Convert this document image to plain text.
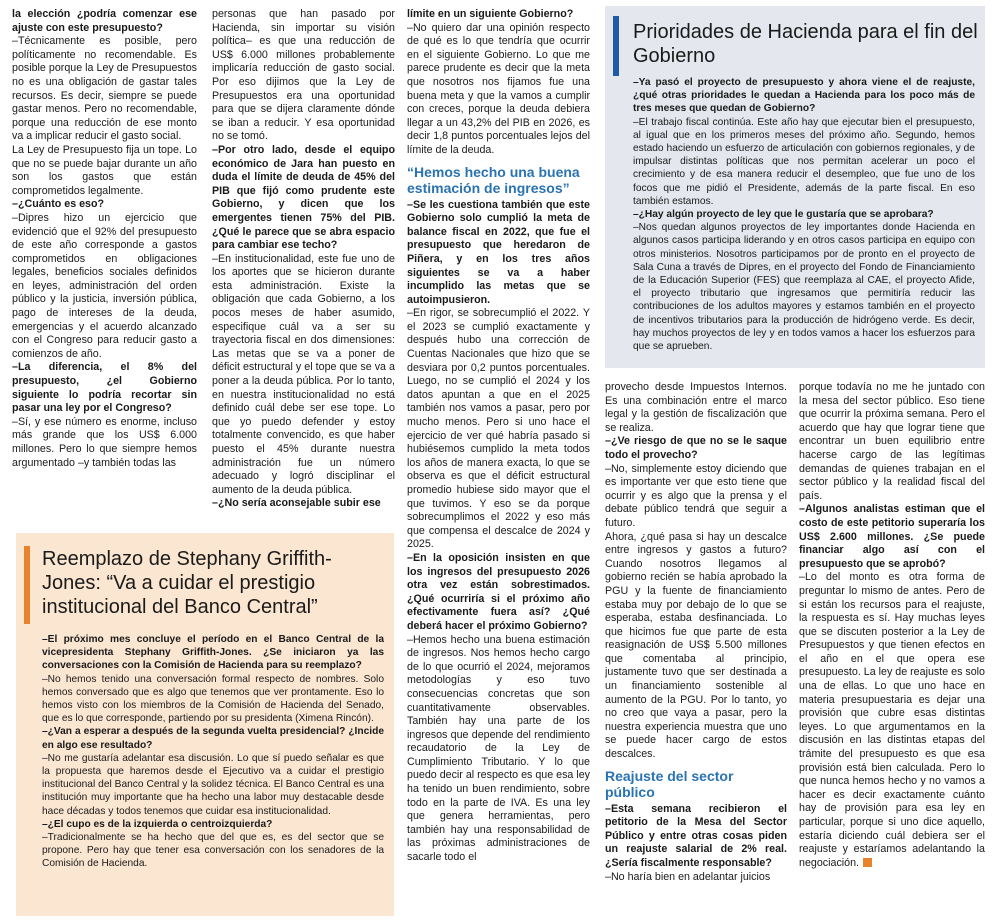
la elección ¿podría comenzar ese ajuste con este presupuesto?

–Técnicamente es posible, pero políticamente no recomendable. Es posible porque la Ley de Presupuestos no es una obligación de gastar tales recursos. Es decir, siempre se puede gastar menos. Pero no recomendable, porque una reducción de ese monto va a implicar reducir el gasto social.

La Ley de Presupuesto fija un tope. Lo que no se puede bajar durante un año son los gastos que están comprometidos legalmente.

–¿Cuánto es eso?

–Dipres hizo un ejercicio que evidenció que el 92% del presupuesto de este año corresponde a gastos comprometidos en obligaciones legales, beneficios sociales definidos en leyes, administración del orden público y la justicia, inversión pública, pago de intereses de la deuda, emergencias y el acuerdo alcanzado con el Congreso para reducir gasto a comienzos de año.

–La diferencia, el 8% del presupuesto, ¿el Gobierno siguiente lo podría recortar sin pasar una ley por el Congreso?

–Sí, y ese número es enorme, incluso más grande que los US$ 6.000 millones. Pero lo que siempre hemos argumentado –y también todas las

personas que han pasado por Hacienda, sin importar su visión política– es que una reducción de US$ 6.000 millones probablemente implicaría reducción de gasto social. Por eso dijimos que la Ley de Presupuestos era una oportunidad para que se dijera claramente dónde se iban a reducir. Y esa oportunidad no se tomó.

–Por otro lado, desde el equipo económico de Jara han puesto en duda el límite de deuda de 45% del PIB que fijó como prudente este Gobierno, y dicen que los emergentes tienen 75% del PIB. ¿Qué le parece que se abra espacio para cambiar ese techo?

–En institucionalidad, este fue uno de los aportes que se hicieron durante esta administración. Existe la obligación que cada Gobierno, a los pocos meses de haber asumido, especifique cuál va a ser su trayectoria fiscal en dos dimensiones: Las metas que se va a poner de déficit estructural y el tope que se va a poner a la deuda pública. Por lo tanto, en nuestra institucionalidad no está definido cuál debe ser ese tope. Lo que yo puedo defender y estoy totalmente convencido, es que haber puesto el 45% durante nuestra administración fue un número adecuado y logró disciplinar el aumento de la deuda pública.

–¿No sería aconsejable subir ese

límite en un siguiente Gobierno?

–No quiero dar una opinión respecto de qué es lo que tendría que ocurrir en el siguiente Gobierno. Lo que me parece prudente es decir que la meta que nosotros nos fijamos fue una buena meta y que la vamos a cumplir con creces, porque la deuda debiera llegar a un 43,2% del PIB en 2026, es decir 1,8 puntos porcentuales lejos del límite de la deuda.

“Hemos hecho una buena estimación de ingresos”

–Se les cuestiona también que este Gobierno solo cumplió la meta de balance fiscal en 2022, que fue el presupuesto que heredaron de Piñera, y en los tres años siguientes se va a haber incumplido las metas que se autoimpusieron.

–En rigor, se sobrecumplió el 2022. Y el 2023 se cumplió exactamente y después hubo una corrección de Cuentas Nacionales que hizo que se desviara por 0,2 puntos porcentuales. Luego, no se cumplió el 2024 y los datos apuntan a que en el 2025 también nos vamos a pasar, pero por mucho menos. Pero si uno hace el ejercicio de ver qué habría pasado si hubiésemos cumplido la meta todos los años de manera exacta, lo que se observa es que el déficit estructural promedio hubiese sido mayor que el que tuvimos. Y eso se da porque sobrecumplimos el 2022 y eso más que compensa el descalce de 2024 y 2025.

–En la oposición insisten en que los ingresos del presupuesto 2026 otra vez están sobrestimados. ¿Qué ocurriría si el próximo año efectivamente fuera así? ¿Qué deberá hacer el próximo Gobierno?

–Hemos hecho una buena estimación de ingresos. Nos hemos hecho cargo de lo que ocurrió el 2024, mejoramos metodologías y eso tuvo consecuencias concretas que son cuantitativamente observables. También hay una parte de los ingresos que depende del rendimiento recaudatorio de la Ley de Cumplimiento Tributario. Y lo que puedo decir al respecto es que esa ley ha tenido un buen rendimiento, sobre todo en la parte de IVA. Es una ley que genera herramientas, pero también hay una responsabilidad de las próximas administraciones de sacarle todo el

provecho desde Impuestos Internos. Es una combinación entre el marco legal y la gestión de fiscalización que se realiza.

–¿Ve riesgo de que no se le saque todo el provecho?

–No, simplemente estoy diciendo que es importante ver que esto tiene que ocurrir y es algo que la prensa y el debate público tendrá que seguir a futuro.

Ahora, ¿qué pasa si hay un descalce entre ingresos y gastos a futuro? Cuando nosotros llegamos al gobierno recién se había aprobado la PGU y la fuente de financiamiento estaba muy por debajo de lo que se esperaba, estaba desfinanciada. Lo que hicimos fue que parte de esta reasignación de US$ 5.500 millones que comentaba al principio, justamente tuvo que ser destinada a un financiamiento sostenible al aumento de la PGU. Por lo tanto, yo no creo que vaya a pasar, pero la nuestra experiencia muestra que uno se puede hacer cargo de estos descalces.

Reajuste del sector público

–Esta semana recibieron el petitorio de la Mesa del Sector Público y entre otras cosas piden un reajuste salarial de 2% real. ¿Sería fiscalmente responsable?

–No haría bien en adelantar juicios

porque todavía no me he juntado con la mesa del sector público. Eso tiene que ocurrir la próxima semana. Pero el acuerdo que hay que lograr tiene que encontrar un buen equilibrio entre hacerse cargo de las legítimas demandas de quienes trabajan en el sector público y la realidad fiscal del país.

–Algunos analistas estiman que el costo de este petitorio superaría los US$ 2.600 millones. ¿Se puede financiar algo así con el presupuesto que se aprobó?

–Lo del monto es otra forma de preguntar lo mismo de antes. Pero de si están los recursos para el reajuste, la respuesta es sí. Hay muchas leyes que se discuten posterior a la Ley de Presupuestos y que tienen efectos en el año en el que opera ese presupuesto. La ley de reajuste es solo una de ellas. Lo que uno hace en materia presupuestaria es dejar una provisión que cubre esas distintas leyes. Lo que argumentamos en la discusión en las distintas etapas del trámite del presupuesto es que esa provisión está bien calculada. Pero lo que nunca hemos hecho y no vamos a hacer es decir exactamente cuánto hay de provisión para esa ley en particular, porque si uno dice aquello, estaría diciendo cuál debiera ser el reajuste y estaríamos adelantando la negociación.

Prioridades de Hacienda para el fin del Gobierno

–Ya pasó el proyecto de presupuesto y ahora viene el de reajuste, ¿qué otras prioridades le quedan a Hacienda para los poco más de tres meses que quedan de Gobierno?

–El trabajo fiscal continúa. Este año hay que ejecutar bien el presupuesto, al igual que en los primeros meses del próximo año. Segundo, hemos estado haciendo un esfuerzo de articulación con gobiernos regionales, y de impulsar distintas políticas que nos permitan acelerar un poco el crecimiento y de esa manera reducir el desempleo, que fue uno de los focos que me pidió el Presidente, además de la parte fiscal. En eso también estamos.

–¿Hay algún proyecto de ley que le gustaría que se aprobara?

–Nos quedan algunos proyectos de ley importantes donde Hacienda en algunos casos participa liderando y en otros casos participa en equipo con otros ministerios. Nosotros participamos por de pronto en el proyecto de Sala Cuna a través de Dipres, en el proyecto del Fondo de Financiamiento de la Educación Superior (FES) que reemplaza al CAE, el proyecto Afide, el proyecto tributario que ingresamos que permitiría reducir las contribuciones de los adultos mayores y estamos también en el proyecto de incentivos tributarios para la producción de hidrógeno verde. Es decir, hay muchos proyectos de ley y en todos vamos a hacer los esfuerzos para que se aprueben.

Reemplazo de Stephany Griffith-Jones: “Va a cuidar el prestigio institucional del Banco Central”

–El próximo mes concluye el período en el Banco Central de la vicepresidenta Stephany Griffith-Jones. ¿Se iniciaron ya las conversaciones con la Comisión de Hacienda para su reemplazo?

–No hemos tenido una conversación formal respecto de nombres. Solo hemos conversado que es algo que tenemos que ver prontamente. Eso lo hemos visto con los miembros de la Comisión de Hacienda del Senado, que es lo que corresponde, partiendo por su presidenta (Ximena Rincón).

–¿Van a esperar a después de la segunda vuelta presidencial? ¿Incide en algo ese resultado?

–No me gustaría adelantar esa discusión. Lo que sí puedo señalar es que la propuesta que haremos desde el Ejecutivo va a cuidar el prestigio institucional del Banco Central y la solidez técnica. El Banco Central es una institución muy importante que ha hecho una labor muy destacable desde hace décadas y todos tenemos que cuidar esa institucionalidad.

–¿El cupo es de la izquierda o centroizquierda?

–Tradicionalmente se ha hecho que del que es, es del sector que se propone. Pero hay que tener esa conversación con los senadores de la Comisión de Hacienda.
